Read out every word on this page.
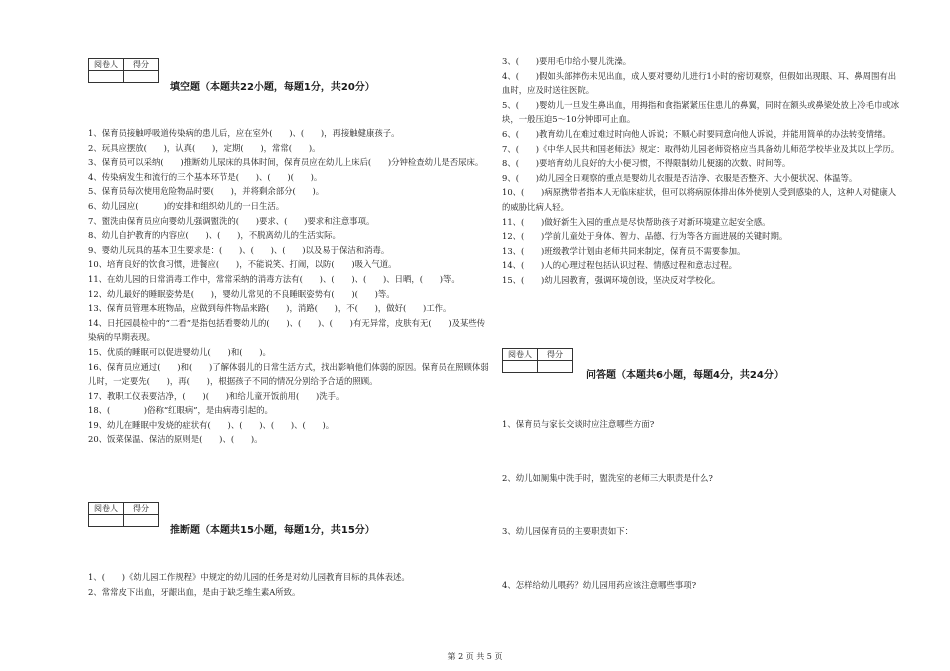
阅卷人	得分

填空题（本题共22小题，每题1分，共20分）

1、保育员接触呼吸道传染病的患儿后，应在室外(　　)、(　　)，再接触健康孩子。

2、玩具应摆放(　　)，认真(　　)，定期(　　)，常常(　　)。

3、保育员可以采纳(　　)推断幼儿尿床的具体时间，保育员应在幼儿上床后(　　)分钟检查幼儿是否尿床。

4、传染病发生和流行的三个基本环节是(　　)、(　　)(　　)。

5、保育员每次使用危险物品时要(　　)，并将剩余部分(　　)。

6、幼儿园应(　　　)的安排和组织幼儿的一日生活。

7、盥洗由保育员应向婴幼儿强调盥洗的(　　)要求、(　　)要求和注意事项。

8、幼儿自护教育的内容应(　　)、(　　)，不脱离幼儿的生活实际。

9、婴幼儿玩具的基本卫生要求是：(　　)、(　　)、(　　)以及易于保洁和消毒。

10、培育良好的饮食习惯，进餐应(　　)，不能说笑、打闹，以防(　　)吸入气道。

11、在幼儿园的日常消毒工作中，常常采纳的消毒方法有(　　)、(　　)、(　　)、日晒，(　　)等。

12、幼儿最好的睡眠姿势是(　　)，婴幼儿常见的不良睡眠姿势有(　　)(　　)等。

13、保育员管理本班物品，应做到每件物品来路(　　)，消路(　　)，不(　　)，做好(　　)工作。

14、日托园晨检中的“二看”是指包括看婴幼儿的(　　)、(　　)、(　　)有无异常，皮肤有无(　　)及某些传染病的早期表现。

15、优质的睡眠可以促进婴幼儿(　　)和(　　)。

16、保育员应通过(　　)和(　　)了解体弱儿的日常生活方式，找出影响他们体弱的原因。保育员在照顾体弱儿时，一定要先(　　)，再(　　)，根据孩子不同的情况分别给予合适的照顾。

17、教职工仪表要洁净，(　　)(　　)和给儿童开饭前用(　　)洗手。

18、(　　　　)俗称“红眼病”，是由病毒引起的。

19、幼儿在睡眠中发烧的症状有(　　)、(　　)、(　　)、(　　)。

20、饭菜保温、保洁的原则是(　　)、(　　)。

阅卷人	得分

推断题（本题共15小题，每题1分，共15分）

1、(　　)《幼儿园工作规程》中规定的幼儿园的任务是对幼儿园教育目标的具体表述。

2、常常皮下出血，牙龈出血，是由于缺乏维生素A所致。

3、(　　)要用毛巾给小婴儿洗澡。

4、(　　)假如头部摔伤未见出血，成人要对婴幼儿进行1小时的密切观察，但假如出现眼、耳、鼻周围有出血时，应及时送往医院。

5、(　　)婴幼儿一旦发生鼻出血，用拇指和食指紧紧压住患儿的鼻翼，同时在额头或鼻梁处放上冷毛巾或冰块，一般压迫5～10分钟即可止血。

6、(　　)教育幼儿在难过难过时向他人诉说；不顺心时要同意向他人诉说，并能用简单的办法转变情绪。

7、(　　)《中华人民共和国老师法》规定：取得幼儿园老师资格应当具备幼儿师范学校毕业及其以上学历。

8、(　　)要培育幼儿良好的大小便习惯，不得限制幼儿便溺的次数、时间等。

9、(　　)幼儿园全日观察的重点是婴幼儿衣服是否洁净、衣服是否整齐、大小便状况、体温等。

10、(　　)病原携带者指本人无临床症状，但可以将病原体排出体外使别人受到感染的人，这种人对健康人的威胁比病人轻。

11、(　　)做好新生入园的重点是尽快帮助孩子对新环境建立起安全感。

12、(　　)学前儿童处于身体、智力、品德、行为等各方面进展的关键时期。

13、(　　)班级教学计划由老师共同来制定，保育员不需要参加。

14、(　　)人的心理过程包括认识过程、情感过程和意志过程。

15、(　　)幼儿园教育，强调环境创设，坚决反对学校化。

阅卷人	得分

问答题（本题共6小题，每题4分，共24分）

1、保育员与家长交谈时应注意哪些方面?

2、幼儿如厕集中洗手时，盥洗室的老师三大职责是什么?

3、幼儿园保育员的主要职责如下：

4、怎样给幼儿喂药？幼儿园用药应该注意哪些事项?

第 2 页 共 5 页
